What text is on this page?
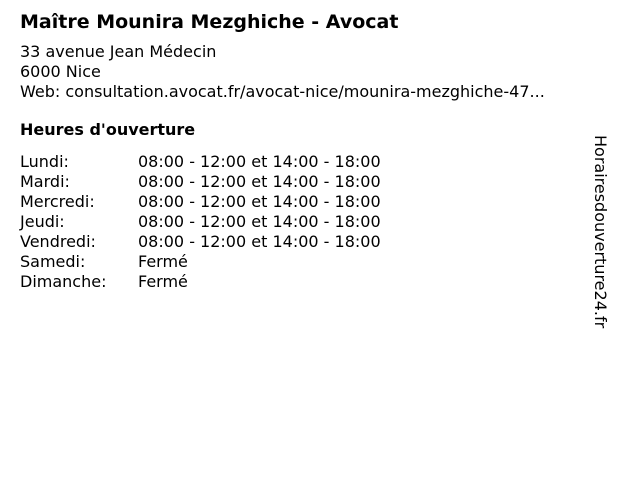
Maître Mounira Mezghiche - Avocat
33 avenue Jean Médecin
6000 Nice
Web: consultation.avocat.fr/avocat-nice/mounira-mezghiche-47...
Heures d'ouverture
Lundi:	08:00 - 12:00 et 14:00 - 18:00
Mardi:	08:00 - 12:00 et 14:00 - 18:00
Mercredi:	08:00 - 12:00 et 14:00 - 18:00
Jeudi:	08:00 - 12:00 et 14:00 - 18:00
Vendredi:	08:00 - 12:00 et 14:00 - 18:00
Samedi:	Fermé
Dimanche:	Fermé	Horairesdouverture24.fr
